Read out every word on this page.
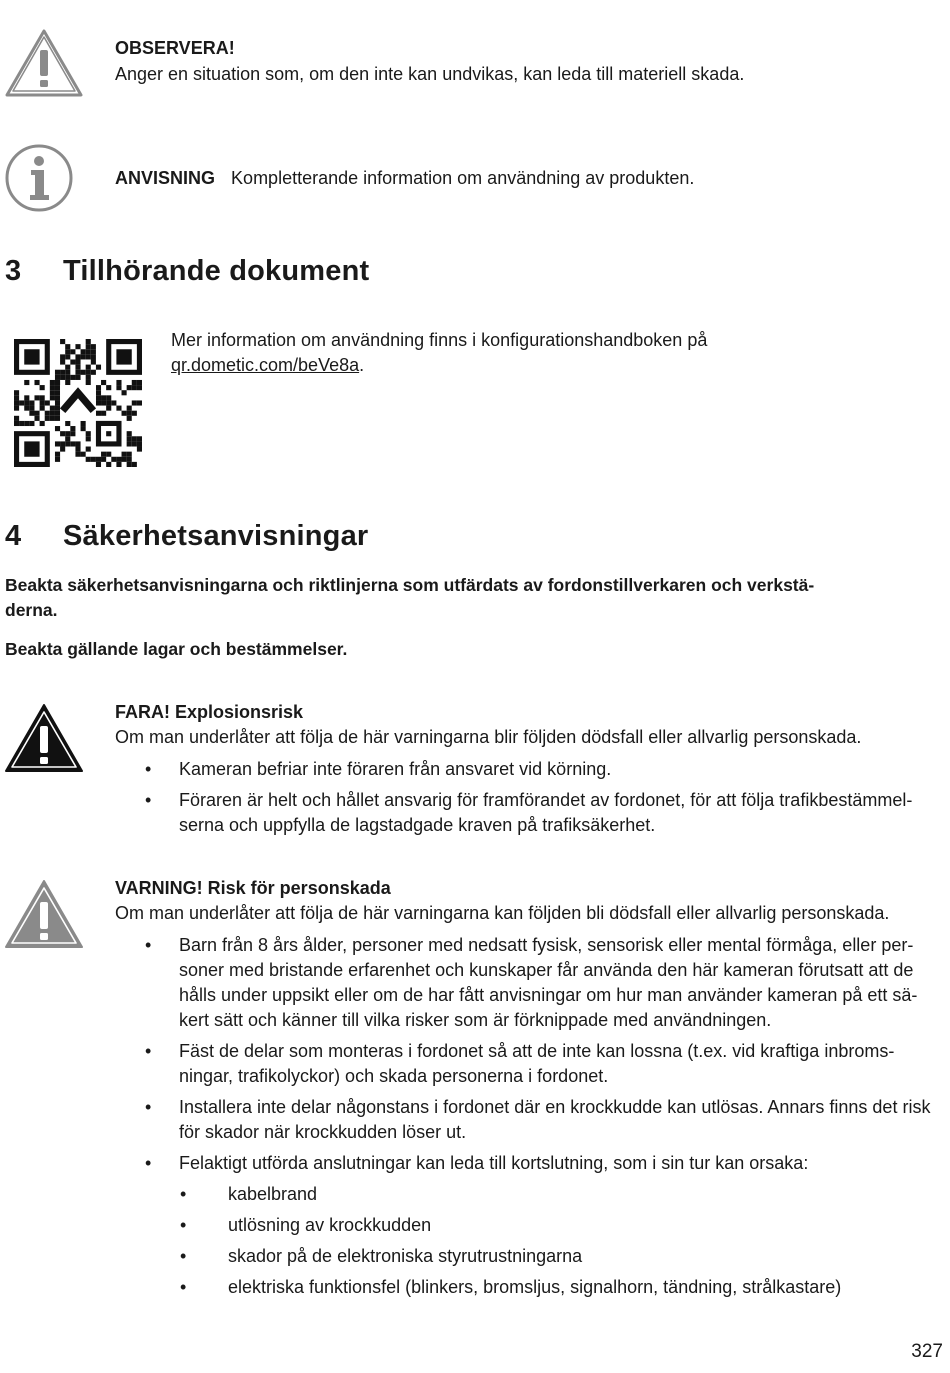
OBSERVERA!
Anger en situation som, om den inte kan undvikas, kan leda till materiell skada.
ANVISNING Kompletterande information om användning av produkten.
3 Tillhörande dokument
Mer information om användning finns i konfigurationshandboken på
qr.dometic.com/beVe8a.
4 Säkerhetsanvisningar
Beakta säkerhetsanvisningarna och riktlinjerna som utfärdats av fordonstillverkaren och verkstä-
derna.
Beakta gällande lagar och bestämmelser.
FARA! Explosionsrisk
Om man underlåter att följa de här varningarna blir följden dödsfall eller allvarlig personskada.
• Kameran befriar inte föraren från ansvaret vid körning.
• Föraren är helt och hållet ansvarig för framförandet av fordonet, för att följa trafikbestämmel-serna och uppfylla de lagstadgade kraven på trafiksäkerhet.
VARNING! Risk för personskada
Om man underlåter att följa de här varningarna kan följden bli dödsfall eller allvarlig personskada.
• Barn från 8 års ålder, personer med nedsatt fysisk, sensorisk eller mental förmåga, eller per-soner med bristande erfarenhet och kunskaper får använda den här kameran förutsatt att de hålls under uppsikt eller om de har fått anvisningar om hur man använder kameran på ett sä-kert sätt och känner till vilka risker som är förknippade med användningen.
• Fäst de delar som monteras i fordonet så att de inte kan lossna (t.ex. vid kraftiga inbroms-ningar, trafikolyckor) och skada personerna i fordonet.
• Installera inte delar någonstans i fordonet där en krockkudde kan utlösas. Annars finns det risk för skador när krockkudden löser ut.
• Felaktigt utförda anslutningar kan leda till kortslutning, som i sin tur kan orsaka:
• kabelbrand
• utlösning av krockkudden
• skador på de elektroniska styrutrustningarna
• elektriska funktionsfel (blinkers, bromsljus, signalhorn, tändning, strålkastare)
327
